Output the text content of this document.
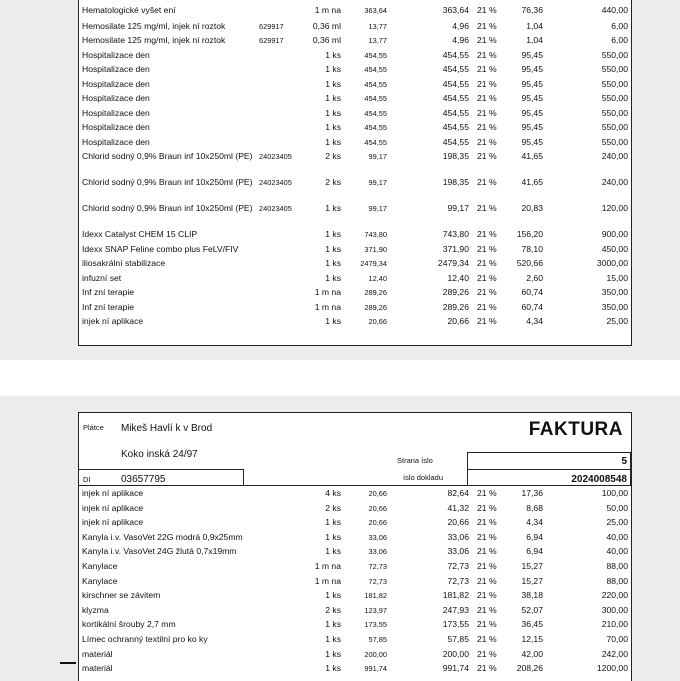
Hematologické vyšet ení	1 m na	363,64	363,64 21 %	76,36	440,00
Hemosilate 125 mg/ml, injek ní roztok	629917	0,36 ml	13,77	4,96 21 %	1,04	6,00
Hemosilate 125 mg/ml, injek ní roztok	629917	0,36 ml	13,77	4,96 21 %	1,04	6,00
Hospitalizace den	1 ks	454,55	454,55 21 %	95,45	550,00
Hospitalizace den	1 ks	454,55	454,55 21 %	95,45	550,00
Hospitalizace den	1 ks	454,55	454,55 21 %	95,45	550,00
Hospitalizace den	1 ks	454,55	454,55 21 %	95,45	550,00
Hospitalizace den	1 ks	454,55	454,55 21 %	95,45	550,00
Hospitalizace den	1 ks	454,55	454,55 21 %	95,45	550,00
Hospitalizace den	1 ks	454,55	454,55 21 %	95,45	550,00
Chlorid sodný 0,9% Braun inf 10x250ml (PE) 24023405	2 ks	99,17	198,35 21 %	41,65	240,00
Chlorid sodný 0,9% Braun inf 10x250ml (PE) 24023405	2 ks	99,17	198,35 21 %	41,65	240,00
Chlorid sodný 0,9% Braun inf 10x250ml (PE) 24023405	1 ks	99,17	99,17 21 %	20,83	120,00
Idexx Catalyst CHEM 15 CLIP	1 ks	743,80	743,80 21 % 156,20	900,00
Idexx SNAP Feline combo plus FeLV/FIV	1 ks	371,90	371,90 21 %	78,10	450,00
iliosakrální stabilizace	1 ks	2479,34	2479,34 21 % 520,66	3000,00
infuzní set	1 ks	12,40	12,40 21 %	2,60	15,00
Inf zní terapie	1 m na	289,26	289,26 21 %	60,74	350,00
Inf zní terapie	1 m na	289,26	289,26 21 %	60,74	350,00
injek ní aplikace	1 ks	20,66	20,66 21 %	4,34	25,00
Plátce Mikeš Havlí k v Brod
Koko inská 24/97
DI	03657795
FAKTURA
Strana íslo
íslo dokladu
5
2024008548
injek ní aplikace	4 ks	20,66	82,64 21 %	17,36	100,00
injek ní aplikace	2 ks	20,66	41,32 21 %	8,68	50,00
injek ní aplikace	1 ks	20,66	20,66 21 %	4,34	25,00
Kanyla i.v. VasoVet 22G modrá 0,9x25mm	1 ks	33,06	33,06 21 %	6,94	40,00
Kanyla i.v. VasoVet 24G žlutá 0,7x19mm	1 ks	33,06	33,06 21 %	6,94	40,00
Kanylace	1 m na	72,73	72,73 21 %	15,27	88,00
Kanylace	1 m na	72,73	72,73 21 %	15,27	88,00
kirschner se závitem	1 ks	181,82	181,82 21 %	38,18	220,00
klyzma	2 ks	123,97	247,93 21 %	52,07	300,00
kortikální šrouby 2,7 mm	1 ks	173,55	173,55 21 %	36,45	210,00
Límec ochranný textilní pro ko ky	1 ks	57,85	57,85 21 %	12,15	70,00
materiál	1 ks	200,00	200,00 21 %	42,00	242,00
materiál	1 ks	991,74	991,74 21 % 208,26	1200,00
